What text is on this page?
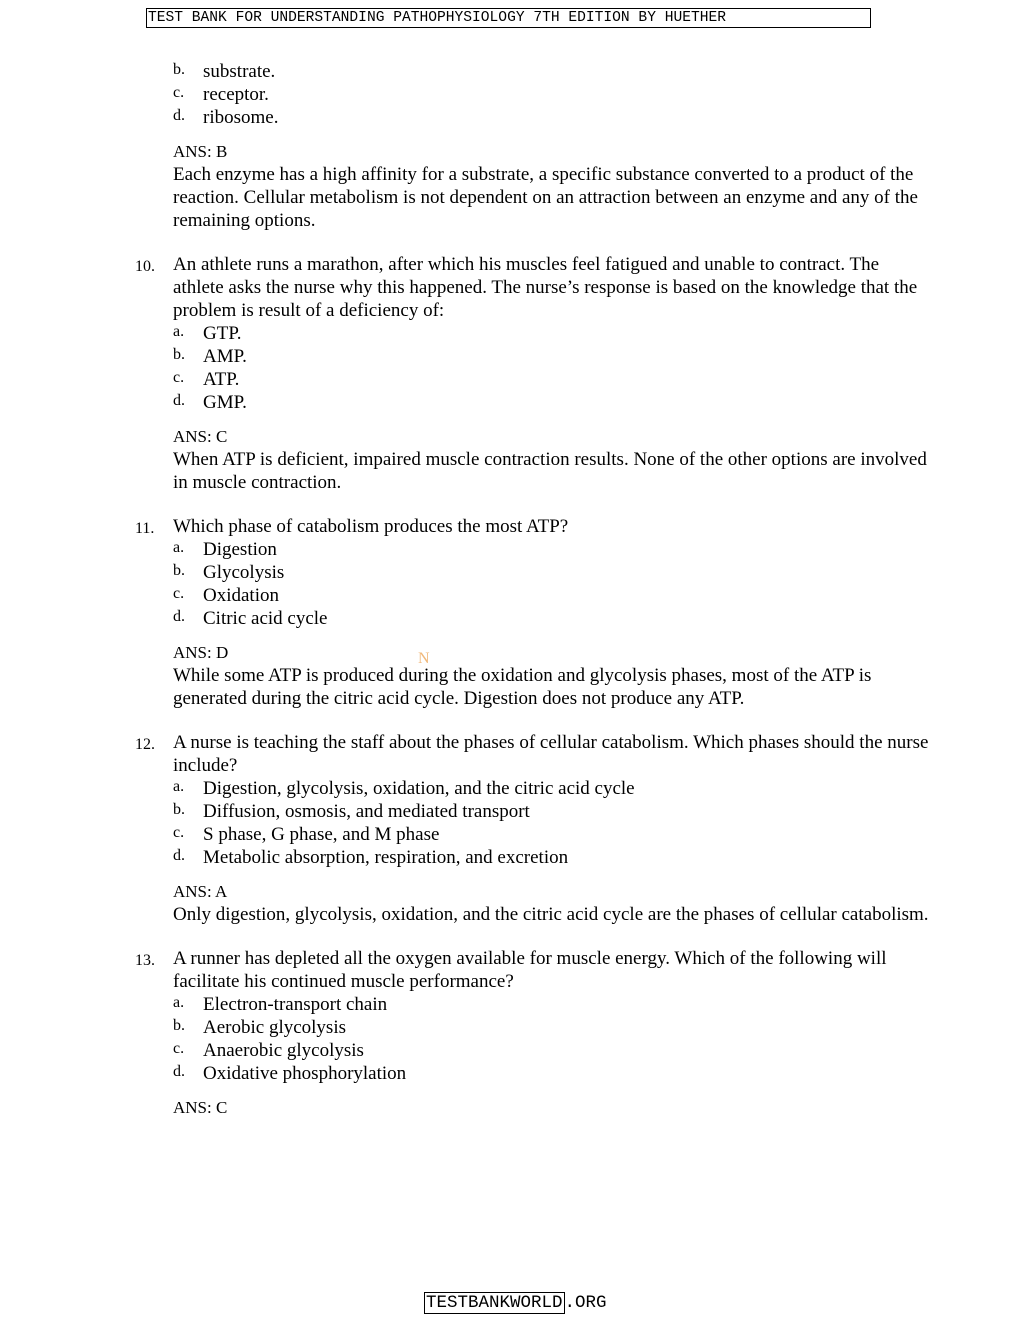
TEST BANK FOR UNDERSTANDING PATHOPHYSIOLOGY 7TH EDITION BY HUETHER
b. substrate.
c. receptor.
d. ribosome.
ANS: B
Each enzyme has a high affinity for a substrate, a specific substance converted to a product of the reaction. Cellular metabolism is not dependent on an attraction between an enzyme and any of the remaining options.
10. An athlete runs a marathon, after which his muscles feel fatigued and unable to contract. The athlete asks the nurse why this happened. The nurse’s response is based on the knowledge that the problem is result of a deficiency of:
a. GTP.
b. AMP.
c. ATP.
d. GMP.
ANS: C
When ATP is deficient, impaired muscle contraction results. None of the other options are involved in muscle contraction.
11. Which phase of catabolism produces the most ATP?
a. Digestion
b. Glycolysis
c. Oxidation
d. Citric acid cycle
ANS: D
While some ATP is produced during the oxidation and glycolysis phases, most of the ATP is generated during the citric acid cycle. Digestion does not produce any ATP.
12. A nurse is teaching the staff about the phases of cellular catabolism. Which phases should the nurse include?
a. Digestion, glycolysis, oxidation, and the citric acid cycle
b. Diffusion, osmosis, and mediated transport
c. S phase, G phase, and M phase
d. Metabolic absorption, respiration, and excretion
ANS: A
Only digestion, glycolysis, oxidation, and the citric acid cycle are the phases of cellular catabolism.
13. A runner has depleted all the oxygen available for muscle energy. Which of the following will facilitate his continued muscle performance?
a. Electron-transport chain
b. Aerobic glycolysis
c. Anaerobic glycolysis
d. Oxidative phosphorylation
ANS: C
N
TESTBANKWORLD .ORG
